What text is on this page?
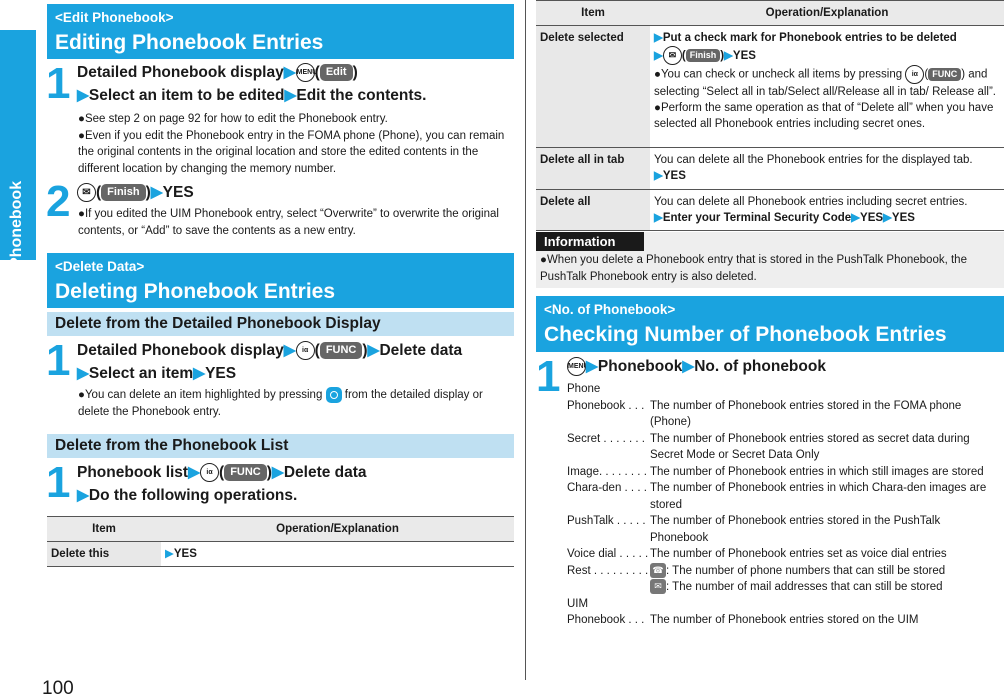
Phonebook
100
<Edit Phonebook>
Editing Phonebook Entries
1 Detailed Phonebook display▶MENU( Edit )
▶Select an item to be edited▶Edit the contents.
●See step 2 on page 92 for how to edit the Phonebook entry.
●Even if you edit the Phonebook entry in the FOMA phone (Phone), you can remain the original contents in the original location and store the edited contents in the different location by changing the memory number.
2	✉ ( Finish )▶YES
●If you edited the UIM Phonebook entry, select “Overwrite” to overwrite the original contents, or “Add” to save the contents as a new entry.
<Delete Data>
Deleting Phonebook Entries
Delete from the Detailed Phonebook Display
1 Detailed Phonebook display▶ iα ( FUNC )▶Delete data
▶Select an item▶YES
●You can delete an item highlighted by pressing from the detailed display or delete the Phonebook entry.
Delete from the Phonebook List
1 Phonebook list▶ iα ( FUNC )▶Delete data
▶Do the following operations.
Item	Operation/Explanation
Delete this	▶YES
Item	Operation/Explanation
Delete selected	▶Put a check mark for Phonebook entries to be deleted
▶ ✉ ( Finish )▶YES
●You can check or uncheck all items by pressing iα ( FUNC ) and selecting “Select all in tab/Select all/Release all in tab/ Release all”.
●Perform the same operation as that of “Delete all” when you have selected all Phonebook entries including secret ones.
Delete all in tab	You can delete all the Phonebook entries for the displayed tab.
▶YES
Delete all	You can delete all Phonebook entries including secret entries.
▶Enter your Terminal Security Code▶YES▶YES
Information
●When you delete a Phonebook entry that is stored in the PushTalk Phonebook, the PushTalk Phonebook entry is also deleted.
<No. of Phonebook>
Checking Number of Phonebook Entries
1 MENU▶Phonebook▶No. of phonebook
Phone
Phonebook . . . The number of Phonebook entries stored in the FOMA phone
(Phone)
Secret . . . . . . . The number of Phonebook entries stored as secret data during
Secret Mode or Secret Data Only
Image. . . . . . . . The number of Phonebook entries in which still images are stored
Chara-den . . . . The number of Phonebook entries in which Chara-den images are
stored
PushTalk . . . . . The number of Phonebook entries stored in the PushTalk
Phonebook
Voice dial . . . . . The number of Phonebook entries set as voice dial entries
Rest . . . . . . . . . ☎ : The number of phone numbers that can still be stored
✉ : The number of mail addresses that can still be stored
UIM
Phonebook . . . The number of Phonebook entries stored on the UIM
